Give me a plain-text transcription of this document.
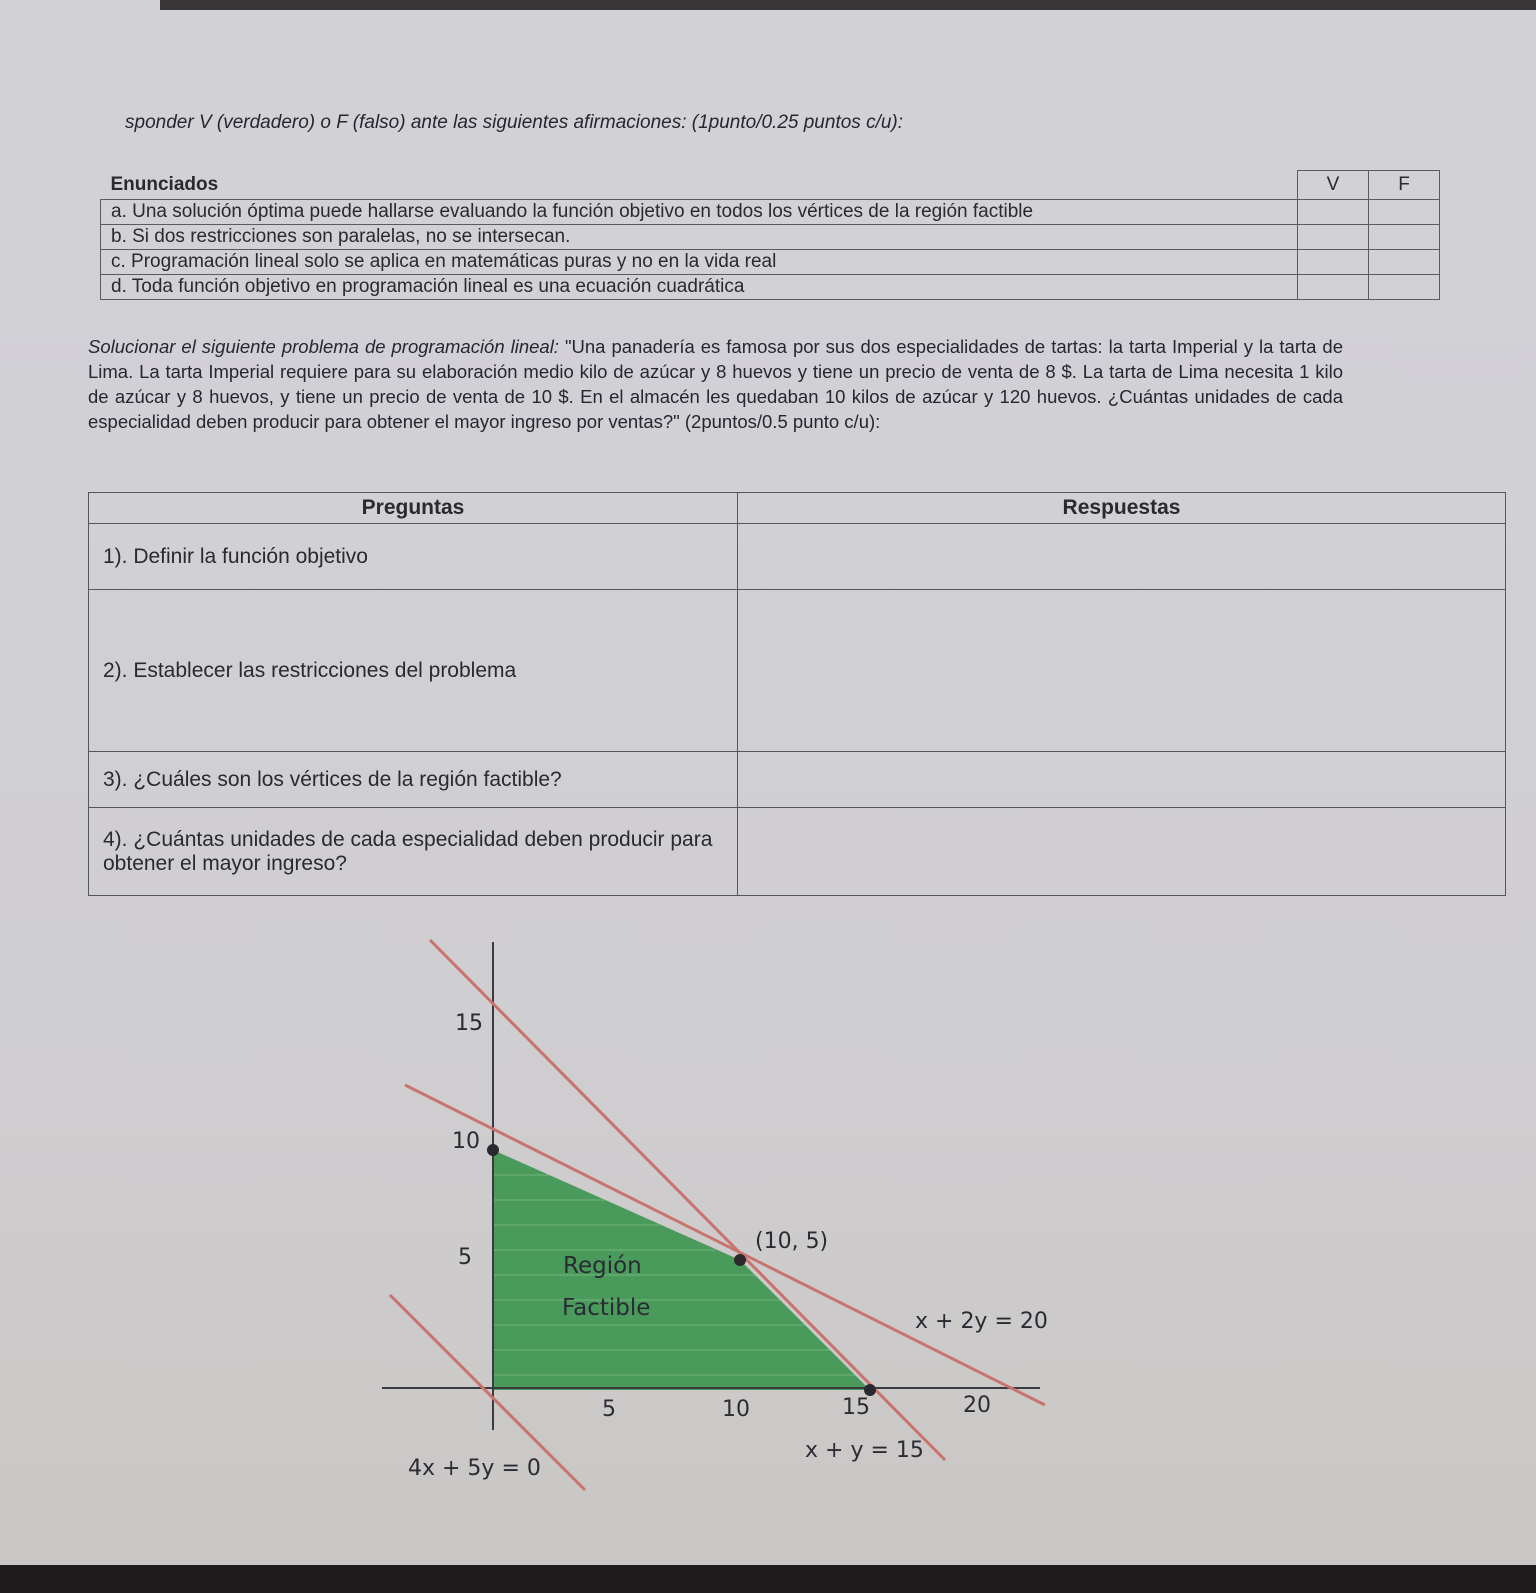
sponder V (verdadero) o F (falso) ante las siguientes afirmaciones: (1punto/0.25 puntos c/u):
Enunciados	V	F
a. Una solución óptima puede hallarse evaluando la función objetivo en todos los vértices de la región factible		
b. Si dos restricciones son paralelas, no se intersecan.		
c. Programación lineal solo se aplica en matemáticas puras y no en la vida real		
d. Toda función objetivo en programación lineal es una ecuación cuadrática		
Solucionar el siguiente problema de programación lineal: "Una panadería es famosa por sus dos especialidades de tartas: la tarta Imperial y la tarta de Lima. La tarta Imperial requiere para su elaboración medio kilo de azúcar y 8 huevos y tiene un precio de venta de 8 $. La tarta de Lima necesita 1 kilo de azúcar y 8 huevos, y tiene un precio de venta de 10 $. En el almacén les quedaban 10 kilos de azúcar y 120 huevos. ¿Cuántas unidades de cada especialidad deben producir para obtener el mayor ingreso por ventas?" (2puntos/0.5 punto c/u):
Preguntas	Respuestas
1). Definir la función objetivo	
2). Establecer las restricciones del problema	
3). ¿Cuáles son los vértices de la región factible?	
4). ¿Cuántas unidades de cada especialidad deben producir para obtener el mayor ingreso?	
15
10
5
5	10	15	20
Región
Factible
(10, 5)
x + 2y = 20
x + y = 15
4x + 5y = 0
